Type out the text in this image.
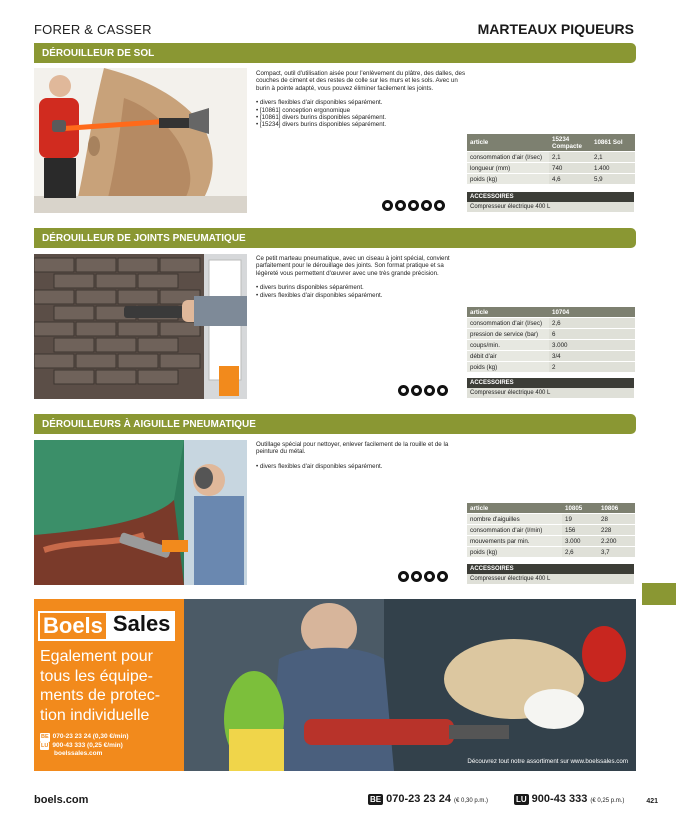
FORER & CASSER	MARTEAUX PIQUEURS
DÉROUILLEUR DE SOL
Compact, outil d'utilisation aisée pour l'enlèvement du plâtre, des dalles, des couches de ciment et des restes de colle sur les murs et les sols. Avec un burin à pointe adapté, vous pouvez éliminer facilement les joints.
• divers flexibles d'air disponibles séparément.
• [10861] conception ergonomique
• [10861] divers burins disponibles séparément.
• [15234] divers burins disponibles séparément.
article	15234 Compacte	10861 Sol
consommation d'air (l/sec)	2,1	2,1
longueur (mm)	740	1.400
poids (kg)	4,6	5,9
ACCESSOIRES
Compresseur électrique 400 L
DÉROUILLEUR DE JOINTS PNEUMATIQUE
Ce petit marteau pneumatique, avec un ciseau à joint spécial, convient parfaitement pour le dérouillage des joints. Son format pratique et sa légèreté vous permettent d'œuvrer avec une très grande précision.
• divers burins disponibles séparément.
• divers flexibles d'air disponibles séparément.
article	10704
consommation d'air (l/sec)	2,6
pression de service (bar)	6
coups/min.	3.000
débit d'air	3/4
poids (kg)	2
ACCESSOIRES
Compresseur électrique 400 L
DÉROUILLEURS À AIGUILLE PNEUMATIQUE
Outillage spécial pour nettoyer, enlever facilement de la rouille et de la peinture du métal.
• divers flexibles d'air disponibles séparément.
article	10805	10806
nombre d'aiguilles	19	28
consommation d'air (l/min)	156	228
mouvements par min.	3.000	2.200
poids (kg)	2,6	3,7
ACCESSOIRES
Compresseur électrique 400 L
Boels Sales
Egalement pour tous les équipe-ments de protec-tion individuelle
BE 070-23 23 24 (0,30 €/min)
LU 900-43 333 (0,25 €/min)
boelssales.com
Découvrez tout notre assortiment sur www.boelssales.com
boels.com	BE 070-23 23 24 (€ 0,30 p.m.)	LU 900-43 333 (€ 0,25 p.m.)	421
